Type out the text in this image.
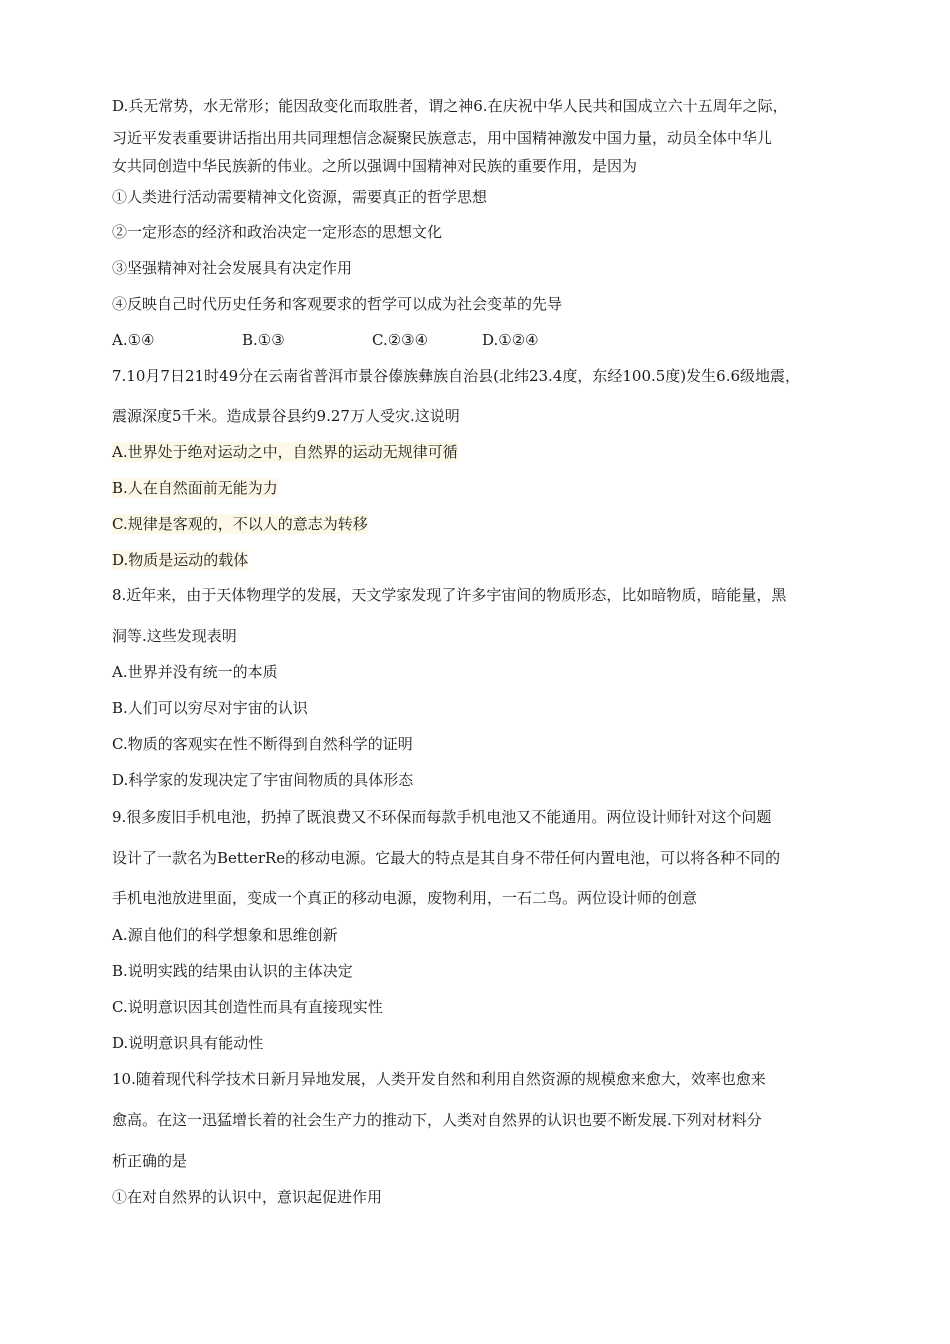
D.兵无常势，水无常形；能因敌变化而取胜者，谓之神6.在庆祝中华人民共和国成立六十五周年之际，
习近平发表重要讲话指出用共同理想信念凝聚民族意志，用中国精神激发中国力量，动员全体中华儿
女共同创造中华民族新的伟业。之所以强调中国精神对民族的重要作用，是因为
①人类进行活动需要精神文化资源，需要真正的哲学思想
②一定形态的经济和政治决定一定形态的思想文化
③坚强精神对社会发展具有决定作用
④反映自己时代历史任务和客观要求的哲学可以成为社会变革的先导
A.①④	B.①③	C.②③④	D.①②④
7.10月7日21时49分在云南省普洱市景谷傣族彝族自治县(北纬23.4度，东经100.5度)发生6.6级地震，
震源深度5千米。造成景谷县约9.27万人受灾.这说明
A.世界处于绝对运动之中，自然界的运动无规律可循
B.人在自然面前无能为力
C.规律是客观的，不以人的意志为转移
D.物质是运动的载体
8.近年来，由于天体物理学的发展，天文学家发现了许多宇宙间的物质形态，比如暗物质，暗能量，黑
洞等.这些发现表明
A.世界并没有统一的本质
B.人们可以穷尽对宇宙的认识
C.物质的客观实在性不断得到自然科学的证明
D.科学家的发现决定了宇宙间物质的具体形态
9.很多废旧手机电池，扔掉了既浪费又不环保而每款手机电池又不能通用。两位设计师针对这个问题
设计了一款名为BetterRe的移动电源。它最大的特点是其自身不带任何内置电池，可以将各种不同的
手机电池放进里面，变成一个真正的移动电源，废物利用，一石二鸟。两位设计师的创意
A.源自他们的科学想象和思维创新
B.说明实践的结果由认识的主体决定
C.说明意识因其创造性而具有直接现实性
D.说明意识具有能动性
10.随着现代科学技术日新月异地发展，人类开发自然和利用自然资源的规模愈来愈大，效率也愈来
愈高。在这一迅猛增长着的社会生产力的推动下，人类对自然界的认识也要不断发展.下列对材料分
析正确的是
①在对自然界的认识中，意识起促进作用
